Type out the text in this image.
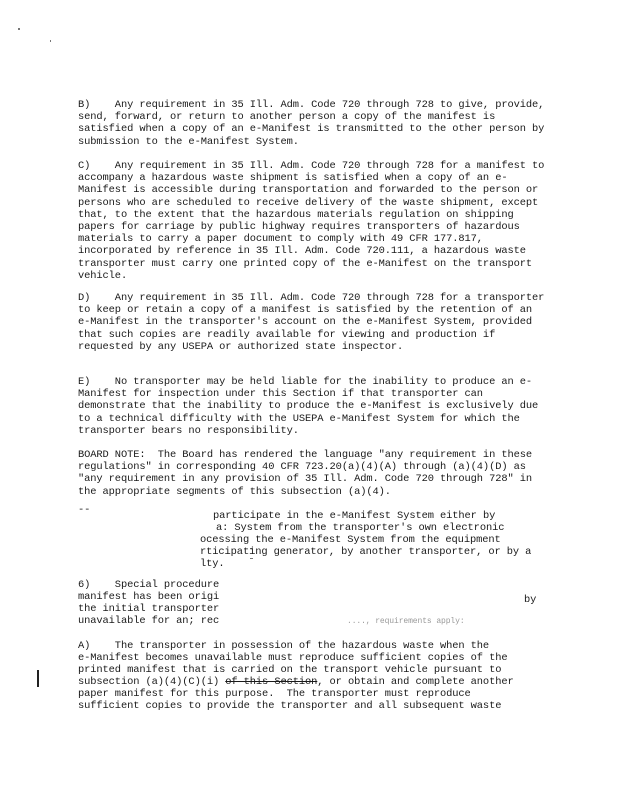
B)    Any requirement in 35 Ill. Adm. Code 720 through 728 to give, provide, send, forward, or return to another person a copy of the manifest is satisfied when a copy of an e-Manifest is transmitted to the other person by submission to the e-Manifest System.
C)    Any requirement in 35 Ill. Adm. Code 720 through 728 for a manifest to accompany a hazardous waste shipment is satisfied when a copy of an e-Manifest is accessible during transportation and forwarded to the person or persons who are scheduled to receive delivery of the waste shipment, except that, to the extent that the hazardous materials regulation on shipping papers for carriage by public highway requires transporters of hazardous materials to carry a paper document to comply with 49 CFR 177.817, incorporated by reference in 35 Ill. Adm. Code 720.111, a hazardous waste transporter must carry one printed copy of the e-Manifest on the transport vehicle.
D)    Any requirement in 35 Ill. Adm. Code 720 through 728 for a transporter to keep or retain a copy of a manifest is satisfied by the retention of an e-Manifest in the transporter's account on the e-Manifest System, provided that such copies are readily available for viewing and production if requested by any USEPA or authorized state inspector.
E)    No transporter may be held liable for the inability to produce an e-Manifest for inspection under this Section if that transporter can demonstrate that the inability to produce the e-Manifest is exclusively due to a technical difficulty with the USEPA e-Manifest System for which the transporter bears no responsibility.
BOARD NOTE:  The Board has rendered the language "any requirement in these regulations" in corresponding 40 CFR 723.20(a)(4)(A) through (a)(4)(D) as "any requirement in any provision of 35 Ill. Adm. Code 720 through 728" in the appropriate segments of this subsection (a)(4).
--	participate in the e-Manifest System either by
a: System from the transporter's own electronic
ocessing the e-Manifest System from the equipment
rticipating generator, by another transporter, or by a
lty.
6)    Special procedure
manifest has been origi
the initial transporter
unavailable for an; rec
by
...., requirements apply:
A)    The transporter in possession of the hazardous waste when the
e-Manifest becomes unavailable must reproduce sufficient copies of the
printed manifest that is carried on the transport vehicle pursuant to
subsection (a)(4)(C)(i) of this Section, or obtain and complete another
paper manifest for this purpose.  The transporter must reproduce
sufficient copies to provide the transporter and all subsequent waste
